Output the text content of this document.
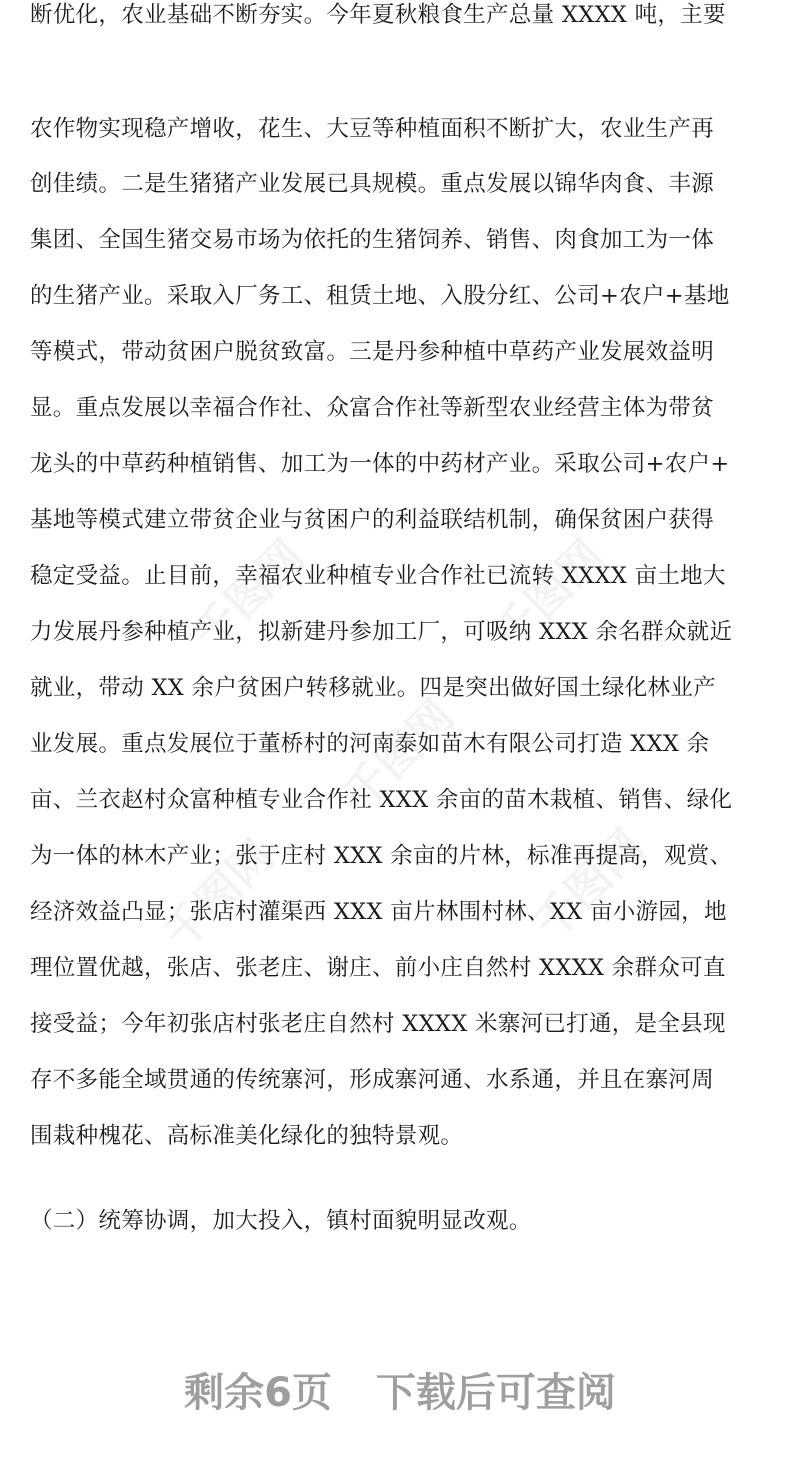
千图网	千图网
千图网
千图网	千图网
断优化，农业基础不断夯实。今年夏秋粮食生产总量 XXXX 吨，主要
农作物实现稳产增收，花生、大豆等种植面积不断扩大，农业生产再
创佳绩。二是生猪猪产业发展已具规模。重点发展以锦华肉食、丰源
集团、全国生猪交易市场为依托的生猪饲养、销售、肉食加工为一体
的生猪产业。采取入厂务工、租赁土地、入股分红、公司+农户+基地
等模式，带动贫困户脱贫致富。三是丹参种植中草药产业发展效益明
显。重点发展以幸福合作社、众富合作社等新型农业经营主体为带贫
龙头的中草药种植销售、加工为一体的中药材产业。采取公司+农户+
基地等模式建立带贫企业与贫困户的利益联结机制，确保贫困户获得
稳定受益。止目前，幸福农业种植专业合作社已流转 XXXX 亩土地大
力发展丹参种植产业，拟新建丹参加工厂，可吸纳 XXX 余名群众就近
就业，带动 XX 余户贫困户转移就业。四是突出做好国土绿化林业产
业发展。重点发展位于董桥村的河南泰如苗木有限公司打造 XXX 余
亩、兰衣赵村众富种植专业合作社 XXX 余亩的苗木栽植、销售、绿化
为一体的林木产业；张于庄村 XXX 余亩的片林，标准再提高，观赏、
经济效益凸显；张店村灌渠西 XXX 亩片林围村林、XX 亩小游园，地
理位置优越，张店、张老庄、谢庄、前小庄自然村 XXXX 余群众可直
接受益；今年初张店村张老庄自然村 XXXX 米寨河已打通，是全县现
存不多能全域贯通的传统寨河，形成寨河通、水系通，并且在寨河周
围栽种槐花、高标准美化绿化的独特景观。
（二）统筹协调，加大投入，镇村面貌明显改观。
剩余6页 下载后可查阅
